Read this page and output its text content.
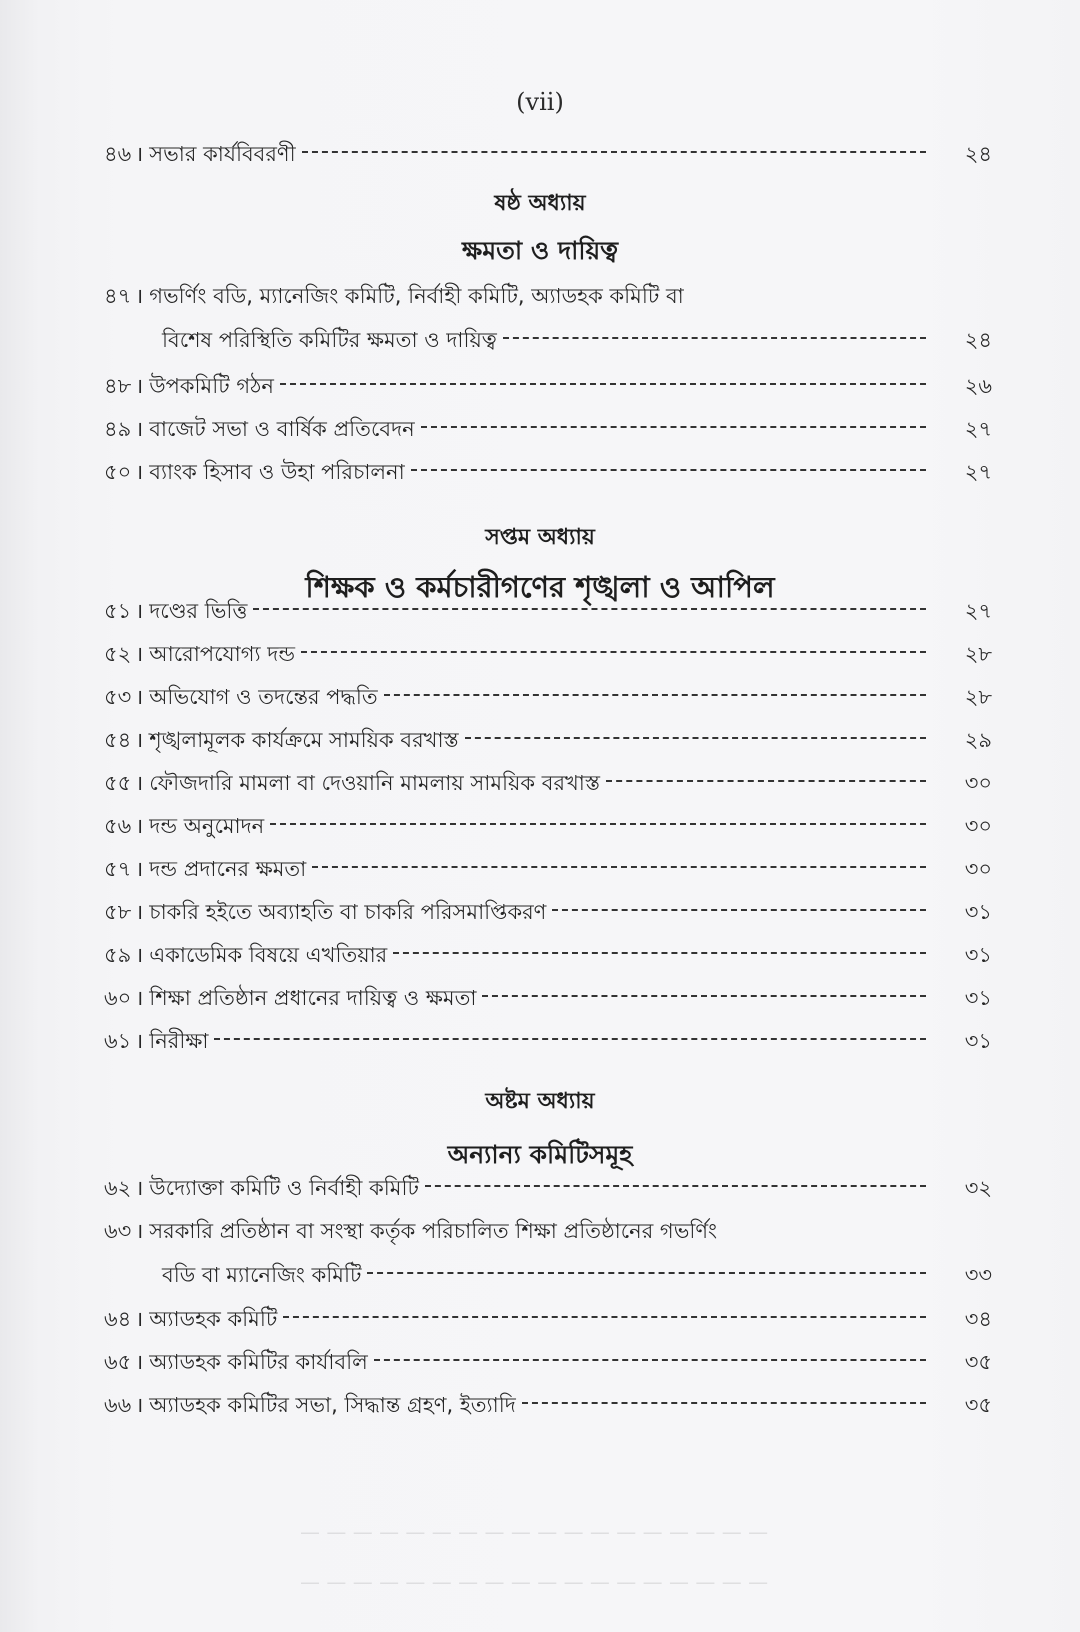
— — — — — — — — — — — — — — — — — —
— — — — — — — — — — — — — — — — — —
(vii)
৪৬ । সভার কার্যবিবরণী	২৪
ষষ্ঠ অধ্যায়
ক্ষমতা ও দায়িত্ব
৪৭ । গভর্ণিং বডি, ম্যানেজিং কমিটি, নির্বাহী কমিটি, অ্যাডহক কমিটি বা
বিশেষ পরিস্থিতি কমিটির ক্ষমতা ও দায়িত্ব	২৪
৪৮ । উপকমিটি গঠন	২৬
৪৯ । বাজেট সভা ও বার্ষিক প্রতিবেদন	২৭
৫০ । ব্যাংক হিসাব ও উহা পরিচালনা	২৭
সপ্তম অধ্যায়
শিক্ষক ও কর্মচারীগণের শৃঙ্খলা ও আপিল
৫১ । দণ্ডের ভিত্তি	২৭
৫২ । আরোপযোগ্য দন্ড	২৮
৫৩ । অভিযোগ ও তদন্তের পদ্ধতি	২৮
৫৪ । শৃঙ্খলামূলক কার্যক্রমে সাময়িক বরখাস্ত	২৯
৫৫ । ফৌজদারি মামলা বা দেওয়ানি মামলায় সাময়িক বরখাস্ত	৩০
৫৬ । দন্ড অনুমোদন	৩০
৫৭ । দন্ড প্রদানের ক্ষমতা	৩০
৫৮ । চাকরি হইতে অব্যাহতি বা চাকরি পরিসমাপ্তিকরণ	৩১
৫৯ । একাডেমিক বিষয়ে এখতিয়ার	৩১
৬০ । শিক্ষা প্রতিষ্ঠান প্রধানের দায়িত্ব ও ক্ষমতা	৩১
৬১ । নিরীক্ষা	৩১
অষ্টম অধ্যায়
অন্যান্য কমিটিসমূহ
৬২ । উদ্যোক্তা কমিটি ও নির্বাহী কমিটি	৩২
৬৩ । সরকারি প্রতিষ্ঠান বা সংস্থা কর্তৃক পরিচালিত শিক্ষা প্রতিষ্ঠানের গভর্ণিং
বডি বা ম্যানেজিং কমিটি	৩৩
৬৪ । অ্যাডহক কমিটি	৩৪
৬৫ । অ্যাডহক কমিটির কার্যাবলি	৩৫
৬৬ । অ্যাডহক কমিটির সভা, সিদ্ধান্ত গ্রহণ, ইত্যাদি	৩৫
